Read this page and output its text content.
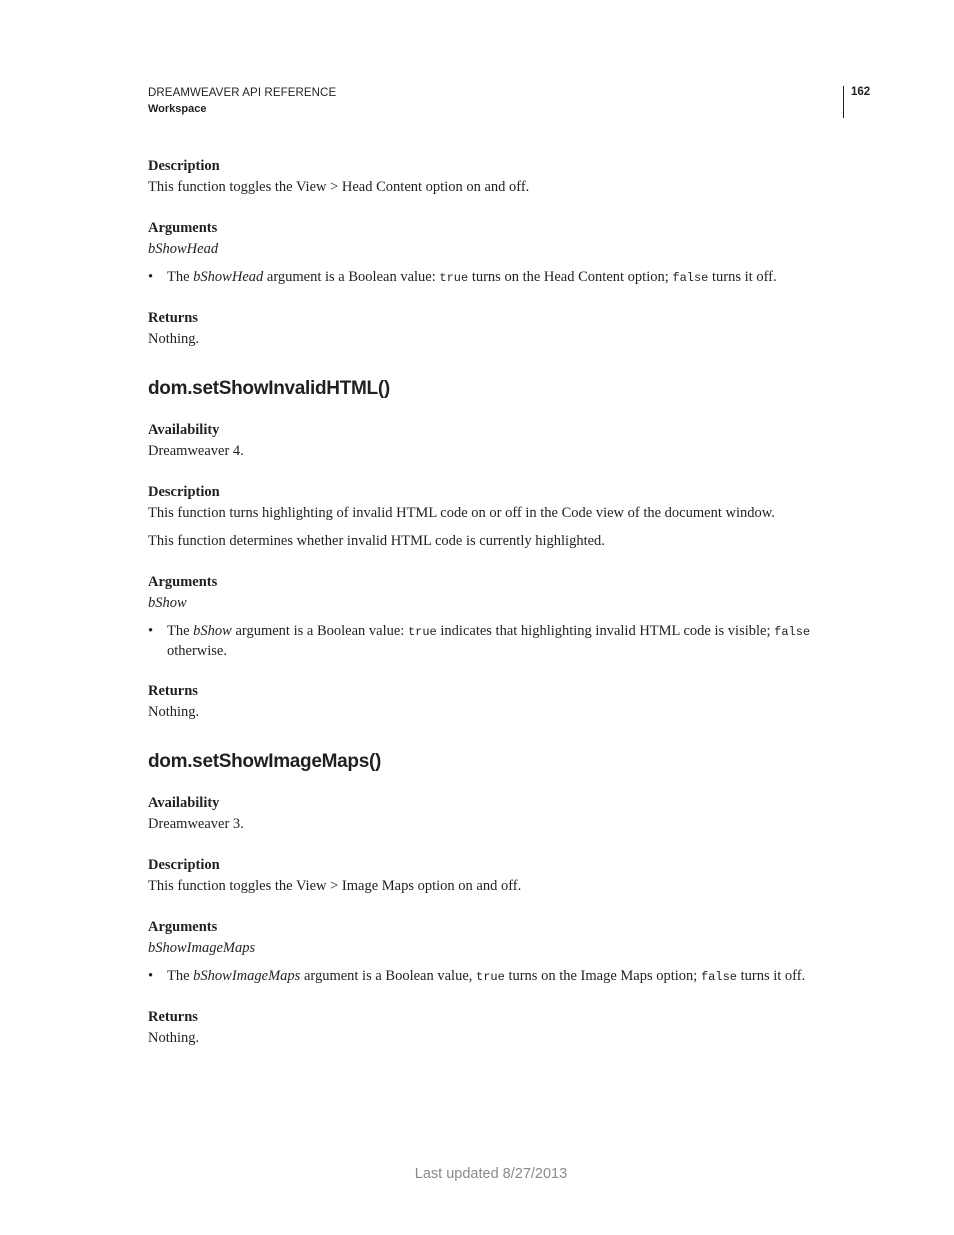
DREAMWEAVER API REFERENCE
Workspace
162
Description
This function toggles the View > Head Content option on and off.
Arguments
bShowHead
• The bShowHead argument is a Boolean value: true turns on the Head Content option; false turns it off.
Returns
Nothing.
dom.setShowInvalidHTML()
Availability
Dreamweaver 4.
Description
This function turns highlighting of invalid HTML code on or off in the Code view of the document window.
This function determines whether invalid HTML code is currently highlighted.
Arguments
bShow
• The bShow argument is a Boolean value: true indicates that highlighting invalid HTML code is visible; false otherwise.
Returns
Nothing.
dom.setShowImageMaps()
Availability
Dreamweaver 3.
Description
This function toggles the View > Image Maps option on and off.
Arguments
bShowImageMaps
• The bShowImageMaps argument is a Boolean value, true turns on the Image Maps option; false turns it off.
Returns
Nothing.
Last updated 8/27/2013
